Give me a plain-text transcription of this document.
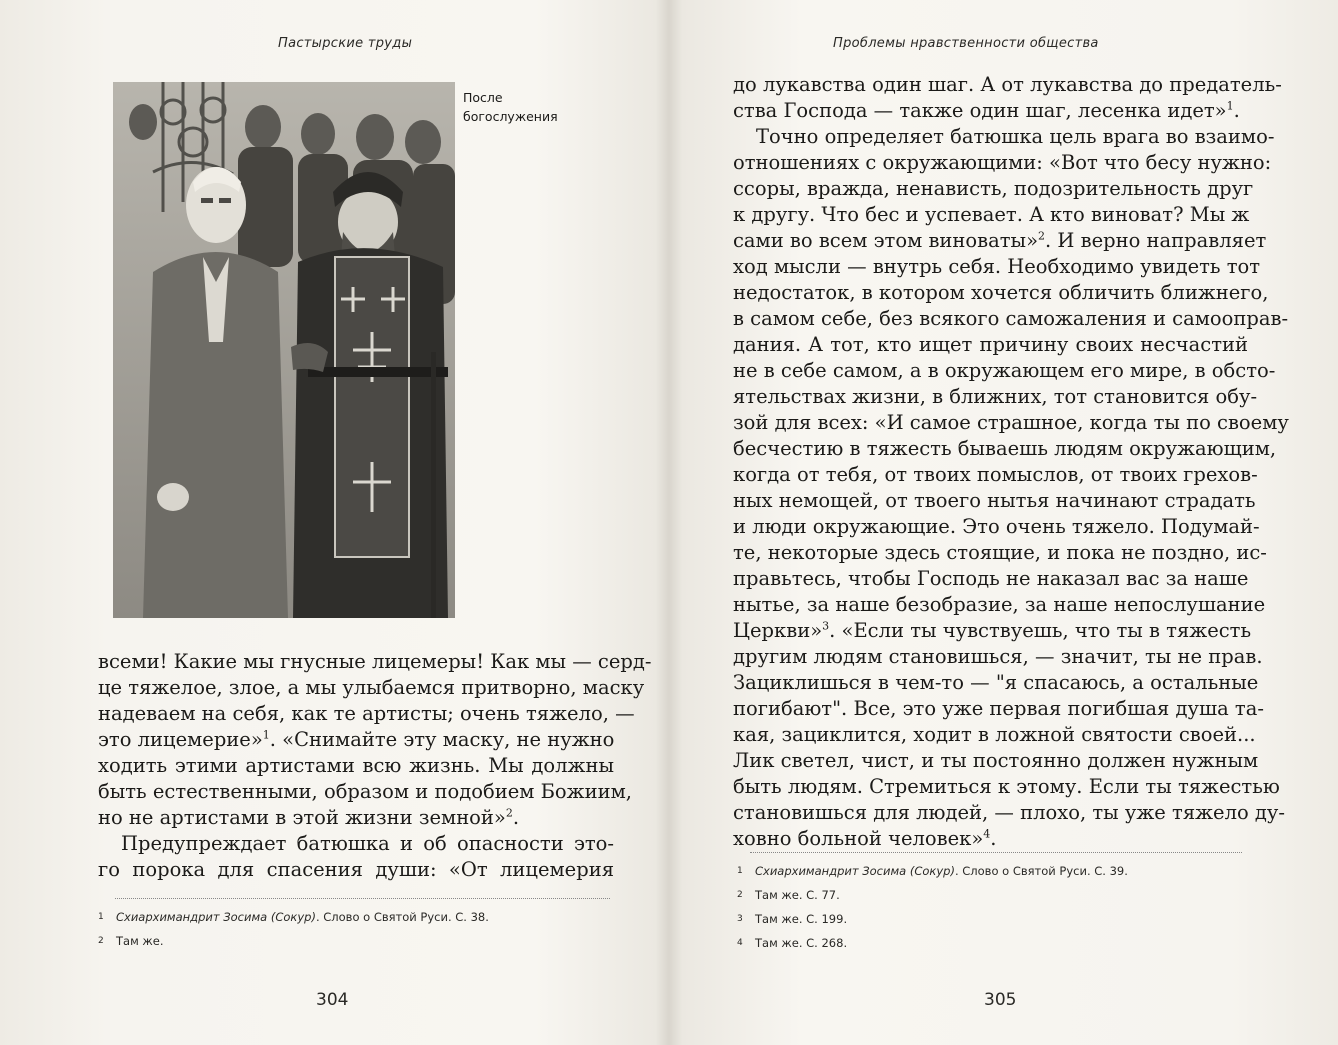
Пастырские труды
После
богослужения
всеми! Какие мы гнусные лицемеры! Как мы — серд-
це тяжелое, злое, а мы улыбаемся притворно, маску
надеваем на себя, как те артисты; очень тяжело, —
это лицемерие»$^1$. «Снимайте эту маску, не нужно
ходить этими артистами всю жизнь. Мы должны
быть естественными, образом и подобием Божиим,
но не артистами в этой жизни земной»$^2$.
Предупреждает батюшка и об опасности это-
го порока для спасения души: «От лицемерия
1 Схиархимандрит Зосима (Сокур). Слово о Святой Руси. С. 38.
2 Там же.
304
Проблемы нравственности общества
до лукавства один шаг. А от лукавства до предатель-
ства Господа — также один шаг, лесенка идет»$^1$.
Точно определяет батюшка цель врага во взаимо-
отношениях с окружающими: «Вот что бесу нужно:
ссоры, вражда, ненависть, подозрительность друг
к другу. Что бес и успевает. А кто виноват? Мы ж
сами во всем этом виноваты»$^2$. И верно направляет
ход мысли — внутрь себя. Необходимо увидеть тот
недостаток, в котором хочется обличить ближнего,
в самом себе, без всякого саможаления и самооправ-
дания. А тот, кто ищет причину своих несчастий
не в себе самом, а в окружающем его мире, в обсто-
ятельствах жизни, в ближних, тот становится обу-
зой для всех: «И самое страшное, когда ты по своему
бесчестию в тяжесть бываешь людям окружающим,
когда от тебя, от твоих помыслов, от твоих грехов-
ных немощей, от твоего нытья начинают страдать
и люди окружающие. Это очень тяжело. Подумай-
те, некоторые здесь стоящие, и пока не поздно, ис-
правьтесь, чтобы Господь не наказал вас за наше
нытье, за наше безобразие, за наше непослушание
Церкви»$^3$. «Если ты чувствуешь, что ты в тяжесть
другим людям становишься, — значит, ты не прав.
Зациклишься в чем-то — "я спасаюсь, а остальные
погибают". Все, это уже первая погибшая душа та-
кая, зациклится, ходит в ложной святости своей...
Лик светел, чист, и ты постоянно должен нужным
быть людям. Стремиться к этому. Если ты тяжестью
становишься для людей, — плохо, ты уже тяжело ду-
ховно больной человек»$^4$.
1 Схиархимандрит Зосима (Сокур). Слово о Святой Руси. С. 39.
2 Там же. С. 77.
3 Там же. С. 199.
4 Там же. С. 268.
305
